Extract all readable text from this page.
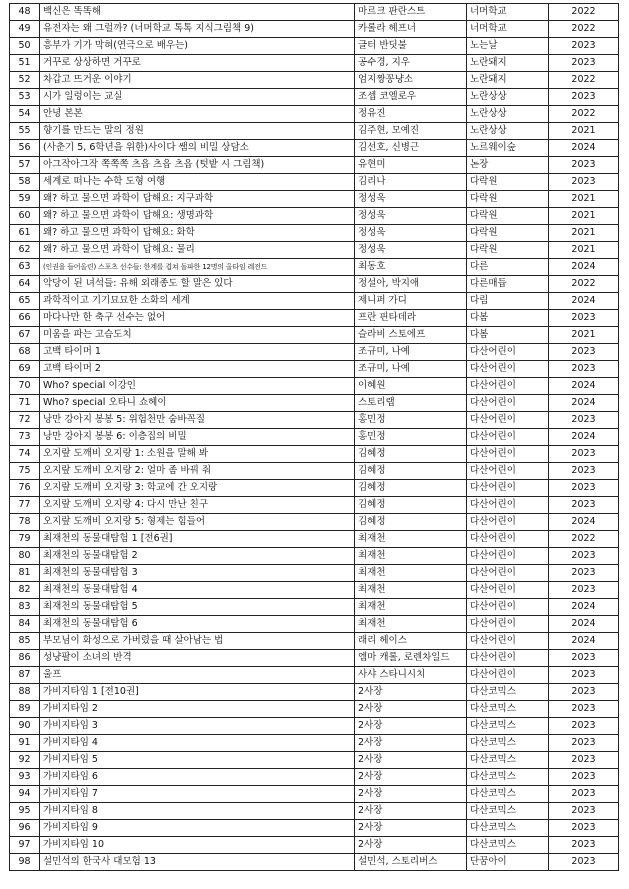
48	백신은 똑똑해	마르크 판란스트	너머학교	2022
49	유전자는 왜 그럴까? (너머학교 톡톡 지식그림책 9)	카롤라 헤프너	너머학교	2022
50	흥부가 기가 막혀(연극으로 배우는)	글터 반딧불	노는날	2023
51	거꾸로 상상하면 거꾸로	공수경, 지우	노란돼지	2023
52	차갑고 뜨거운 이야기	엄지짱꽁냥소	노란돼지	2022
53	시가 일렁이는 교실	조셉 코엘로우	노란상상	2023
54	안녕 본본	정유진	노란상상	2022
55	향기를 만드는 말의 정원	김주현, 모예진	노란상상	2021
56	(사춘기 5, 6학년을 위한)사이다 쌤의 비밀 상담소	김선호, 신병근	노르웨이숲	2024
57	아그작아그작 쪽쪽쪽 츠읍 츠읍 츠읍 (텃밭 시 그림책)	유현미	논장	2023
58	세계로 떠나는 수학 도형 여행	김리나	다락원	2023
59	왜? 하고 물으면 과학이 답해요: 지구과학	정성욱	다락원	2021
60	왜? 하고 물으면 과학이 답해요: 생명과학	정성욱	다락원	2021
61	왜? 하고 물으면 과학이 답해요: 화학	정성욱	다락원	2021
62	왜? 하고 물으면 과학이 답해요: 물리	정성욱	다락원	2021
63	(인권을 들어올린) 스포츠 선수들: 한계를 겹쳐 돌파한 12명의 올타임 레전드	최동호	다른	2024
64	악당이 된 녀석들: 유해 외래종도 할 말은 있다	정설아, 박지애	다른매듭	2022
65	과학적이고 기기묘묘한 소화의 세계	제니퍼 가디	다림	2024
66	마다나만 한 축구 선수는 없어	프란 핀타데라	다봄	2023
67	미움을 파는 고슴도치	슬라비 스토에프	다봄	2021
68	고백 타이머 1	조규미, 나예	다산어린이	2023
69	고백 타이머 2	조규미, 나예	다산어린이	2023
70	Who? special 이강인	이혜원	다산어린이	2024
71	Who? special 오타니 쇼헤이	스토리랩	다산어린이	2024
72	낭만 강아지 봉봉 5: 위험천만 숨바꼭질	홍민정	다산어린이	2023
73	낭만 강아지 봉봉 6: 이층집의 비밀	홍민정	다산어린이	2024
74	오지랖 도깨비 오지랑 1: 소원을 말해 봐	김혜정	다산어린이	2023
75	오지랖 도깨비 오지랑 2: 얼마 좀 바꿔 줘	김혜정	다산어린이	2023
76	오지랖 도깨비 오지랑 3: 학교에 간 오지랑	김혜정	다산어린이	2023
77	오지랖 도깨비 오지랑 4: 다시 만난 친구	김혜정	다산어린이	2023
78	오지랖 도깨비 오지랑 5: 형제는 힘들어	김혜정	다산어린이	2024
79	최재천의 동물대탐험 1 [전6권]	최재천	다산어린이	2022
80	최재천의 동물대탐험 2	최재천	다산어린이	2023
81	최재천의 동물대탐험 3	최재천	다산어린이	2023
82	최재천의 동물대탐험 4	최재천	다산어린이	2023
83	최재천의 동물대탐험 5	최재천	다산어린이	2024
84	최재천의 동물대탐험 6	최재천	다산어린이	2024
85	부모님이 화성으로 가버렸을 때 살아남는 법	래리 헤이스	다산어린이	2024
86	성냥팔이 소녀의 반격	엠마 캐롤, 로렌차일드	다산어린이	2023
87	울프	사샤 스타니시치	다산어린이	2023
88	가비지타임 1 [전10권]	2사장	다산코믹스	2023
89	가비지타임 2	2사장	다산코믹스	2023
90	가비지타임 3	2사장	다산코믹스	2023
91	가비지타임 4	2사장	다산코믹스	2023
92	가비지타임 5	2사장	다산코믹스	2023
93	가비지타임 6	2사장	다산코믹스	2023
94	가비지타임 7	2사장	다산코믹스	2023
95	가비지타임 8	2사장	다산코믹스	2023
96	가비지타임 9	2사장	다산코믹스	2023
97	가비지타임 10	2사장	다산코믹스	2023
98	설민석의 한국사 대모험 13	설민석, 스토리버스	단꿈아이	2023
